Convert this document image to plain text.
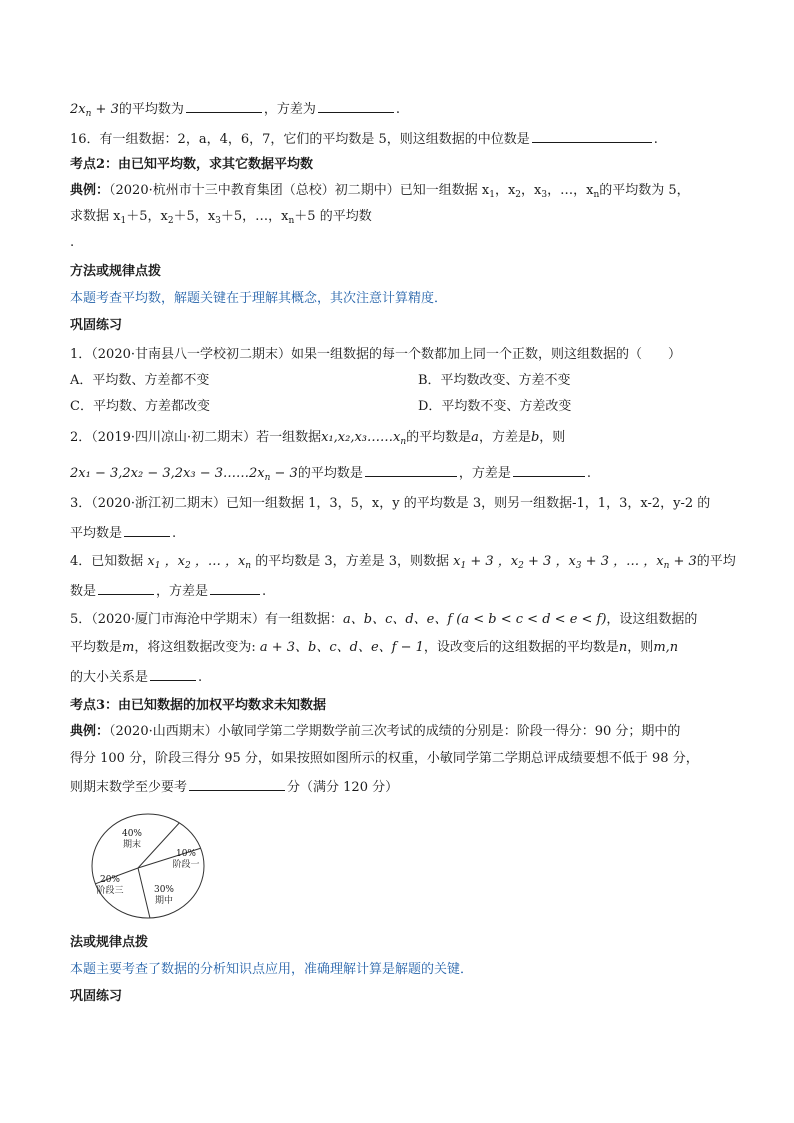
$2x_n + 3$的平均数为	，方差为	.
16．有一组数据：2，a，4，6，7，它们的平均数是 5，则这组数据的中位数是	.
考点2：由已知平均数，求其它数据平均数
典例：（2020·杭州市十三中教育集团（总校）初二期中）已知一组数据 $x_1$，$x_2$，$x_3$，…，$x_n$的平均数为 5，
求数据 $x_1+5$，$x_2+5$，$x_3+5$，…，$x_n+5$ 的平均数
.
方法或规律点拨
本题考查平均数，解题关键在于理解其概念，其次注意计算精度．
巩固练习
1．（2020·甘南县八一学校初二期末）如果一组数据的每一个数都加上同一个正数，则这组数据的（　　）
A．平均数、方差都不变	B．平均数改变、方差不变
C．平均数、方差都改变	D．平均数不变、方差改变
2．（2019·四川凉山·初二期末）若一组数据$x_1,x_2,x_3\dots\dots x_n$的平均数是a，方差是b，则
$2x_1 - 3,2x_2 - 3,2x_3 - 3\dots\dots 2x_n - 3$的平均数是	，方差是	.
3．（2020·浙江初二期末）已知一组数据 1，3，5，x，y 的平均数是 3，则另一组数据-1，1，3，x-2，y-2 的
平均数是	.
4．已知数据 $x_1$ ，$x_2$ ，… ，$x_n$ 的平均数是 3，方差是 3，则数据 $x_1 + 3$ ，$x_2 + 3$ ，$x_3 + 3$ ，… ，$x_n + 3$的平均
数是	，方差是	.
5．（2020·厦门市海沧中学期末）有一组数据：a、b、c、d、e、f (a < b < c < d < e < f)，设这组数据的
平均数是m，将这组数据改变为: a + 3、b、c、d、e、f − 1，设改变后的这组数据的平均数是n，则m,n
的大小关系是	.
考点3：由已知数据的加权平均数求未知数据
典例：（2020·山西期末）小敏同学第二学期数学前三次考试的成绩的分别是：阶段一得分：90 分；期中的
得分 100 分，阶段三得分 95 分，如果按照如图所示的权重，小敏同学第二学期总评成绩要想不低于 98 分，
则期末数学至少要考	分（满分 120 分）
40%
期末
10%
阶段一
30%
期中
20%
阶段三
法或规律点拨
本题主要考查了数据的分析知识点应用，准确理解计算是解题的关键．
巩固练习
